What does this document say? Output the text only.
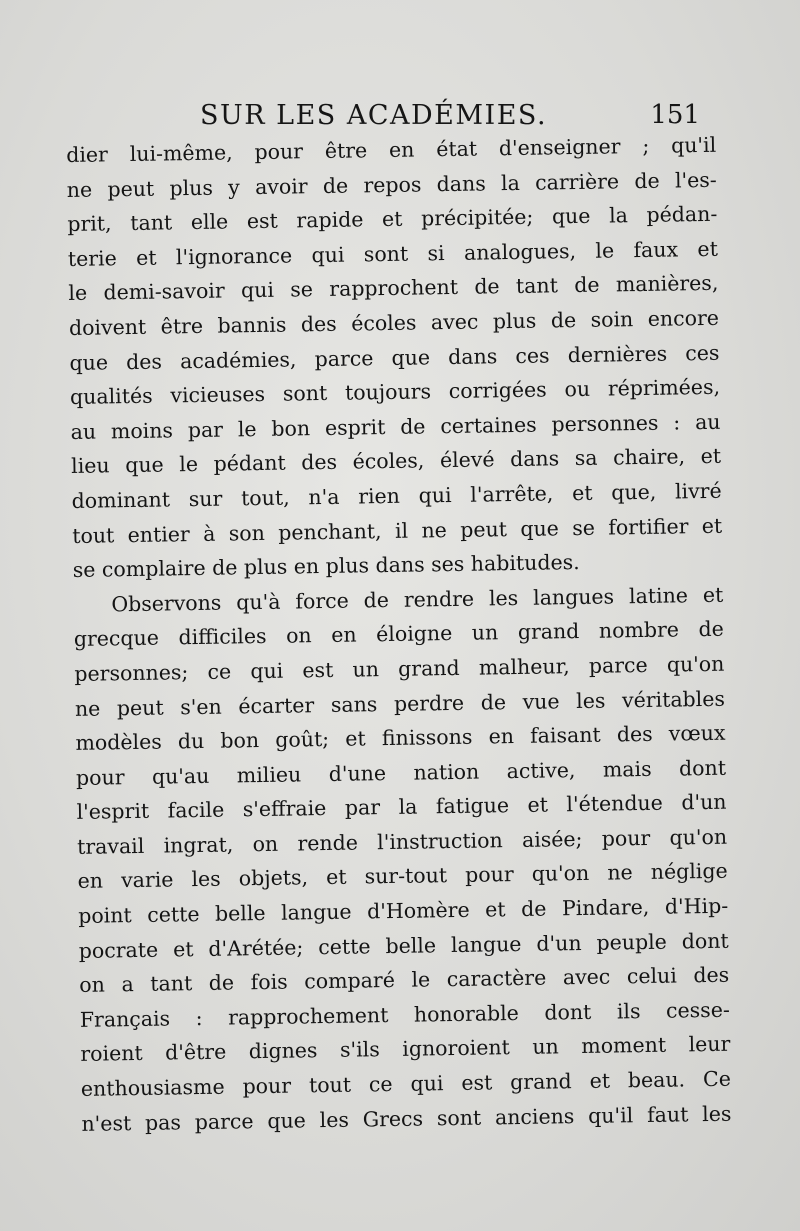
SUR LES ACADÉMIES.	151
dier lui-même, pour être en état d'enseigner ; qu'il
ne peut plus y avoir de repos dans la carrière de l'es-
prit, tant elle est rapide et précipitée; que la pédan-
terie et l'ignorance qui sont si analogues, le faux et
le demi-savoir qui se rapprochent de tant de manières,
doivent être bannis des écoles avec plus de soin encore
que des académies, parce que dans ces dernières ces
qualités vicieuses sont toujours corrigées ou réprimées,
au moins par le bon esprit de certaines personnes : au
lieu que le pédant des écoles, élevé dans sa chaire, et
dominant sur tout, n'a rien qui l'arrête, et que, livré
tout entier à son penchant, il ne peut que se fortifier et
se complaire de plus en plus dans ses habitudes.
Observons qu'à force de rendre les langues latine et
grecque difficiles on en éloigne un grand nombre de
personnes; ce qui est un grand malheur, parce qu'on
ne peut s'en écarter sans perdre de vue les véritables
modèles du bon goût; et finissons en faisant des vœux
pour qu'au milieu d'une nation active, mais dont
l'esprit facile s'effraie par la fatigue et l'étendue d'un
travail ingrat, on rende l'instruction aisée; pour qu'on
en varie les objets, et sur-tout pour qu'on ne néglige
point cette belle langue d'Homère et de Pindare, d'Hip-
pocrate et d'Arétée; cette belle langue d'un peuple dont
on a tant de fois comparé le caractère avec celui des
Français : rapprochement honorable dont ils cesse-
roient d'être dignes s'ils ignoroient un moment leur
enthousiasme pour tout ce qui est grand et beau. Ce
n'est pas parce que les Grecs sont anciens qu'il faut les
